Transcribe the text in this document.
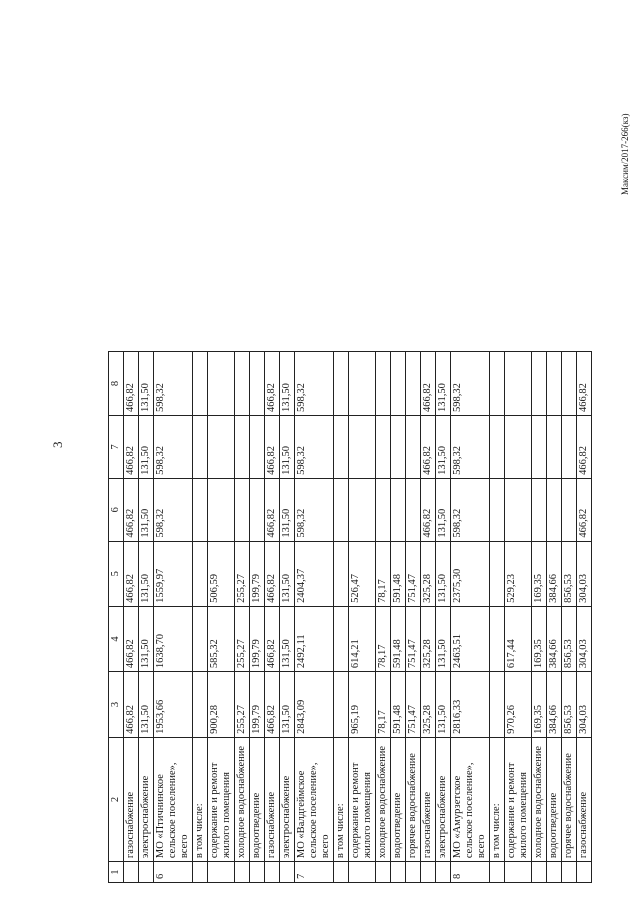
3
Максим/2017-266(кз)
1	2	3	4	5	6	7	8
	газоснабжение	466,82	466,82	466,82	466,82	466,82	466,82
	электроснабжение	131,50	131,50	131,50	131,50	131,50	131,50
6	МО «Птичнинское сельское поселение», всего	1953,66	1638,70	1559,97	598,32	598,32	598,32
	в том числе:						
	содержание и ремонт жилого помещения	900,28	585,32	506,59			
	холодное водоснабжение	255,27	255,27	255,27			
	водоотведение	199,79	199,79	199,79			
	газоснабжение	466,82	466,82	466,82	466,82	466,82	466,82
	электроснабжение	131,50	131,50	131,50	131,50	131,50	131,50
7	МО «Валдгеймское сельское поселение», всего	2843,09	2492,11	2404,37	598,32	598,32	598,32
	в том числе:						
	содержание и ремонт жилого помещения	965,19	614,21	526,47			
	холодное водоснабжение	78,17	78,17	78,17			
	водоотведение	591,48	591,48	591,48			
	горячее водоснабжение	751,47	751,47	751,47			
	газоснабжение	325,28	325,28	325,28	466,82	466,82	466,82
	электроснабжение	131,50	131,50	131,50	131,50	131,50	131,50
8	МО «Амурзетское сельское поселение», всего	2816,33	2463,51	2375,30	598,32	598,32	598,32
	в том числе:						
	содержание и ремонт жилого помещения	970,26	617,44	529,23			
	холодное водоснабжение	169,35	169,35	169,35			
	водоотведение	384,66	384,66	384,66			
	горячее водоснабжение	856,53	856,53	856,53			
	газоснабжение	304,03	304,03	304,03	466,82	466,82	466,82
